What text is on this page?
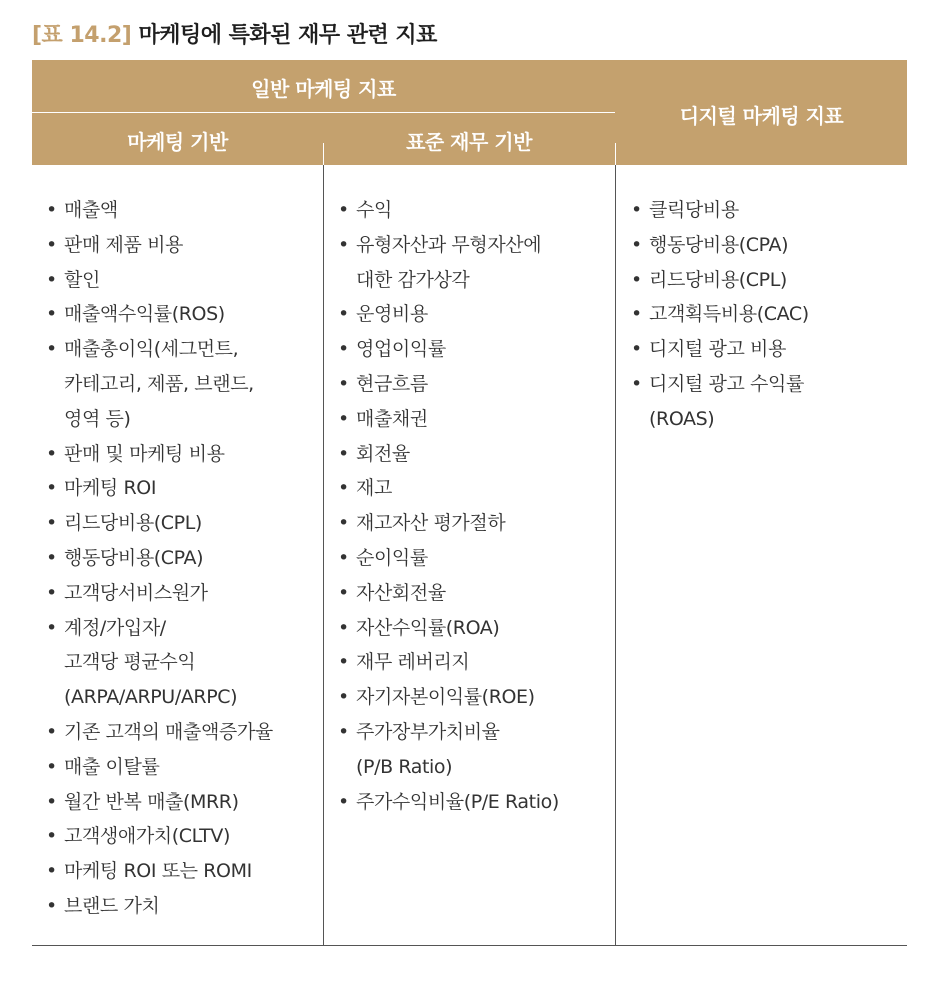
[표 14.2] 마케팅에 특화된 재무 관련 지표
일반 마케팅 지표
마케팅 기반	표준 재무 기반
디지털 마케팅 지표
• 매출액
• 판매 제품 비용
• 할인
• 매출액수익률(ROS)
• 매출총이익(세그먼트,
카테고리, 제품, 브랜드,
영역 등)
• 판매 및 마케팅 비용
• 마케팅 ROI
• 리드당비용(CPL)
• 행동당비용(CPA)
• 고객당서비스원가
• 계정/가입자/
고객당 평균수익
(ARPA/ARPU/ARPC)
• 기존 고객의 매출액증가율
• 매출 이탈률
• 월간 반복 매출(MRR)
• 고객생애가치(CLTV)
• 마케팅 ROI 또는 ROMI
• 브랜드 가치
• 수익
• 유형자산과 무형자산에
대한 감가상각
• 운영비용
• 영업이익률
• 현금흐름
• 매출채권
• 회전율
• 재고
• 재고자산 평가절하
• 순이익률
• 자산회전율
• 자산수익률(ROA)
• 재무 레버리지
• 자기자본이익률(ROE)
• 주가장부가치비율
(P/B Ratio)
• 주가수익비율(P/E Ratio)
• 클릭당비용
• 행동당비용(CPA)
• 리드당비용(CPL)
• 고객획득비용(CAC)
• 디지털 광고 비용
• 디지털 광고 수익률
(ROAS)
